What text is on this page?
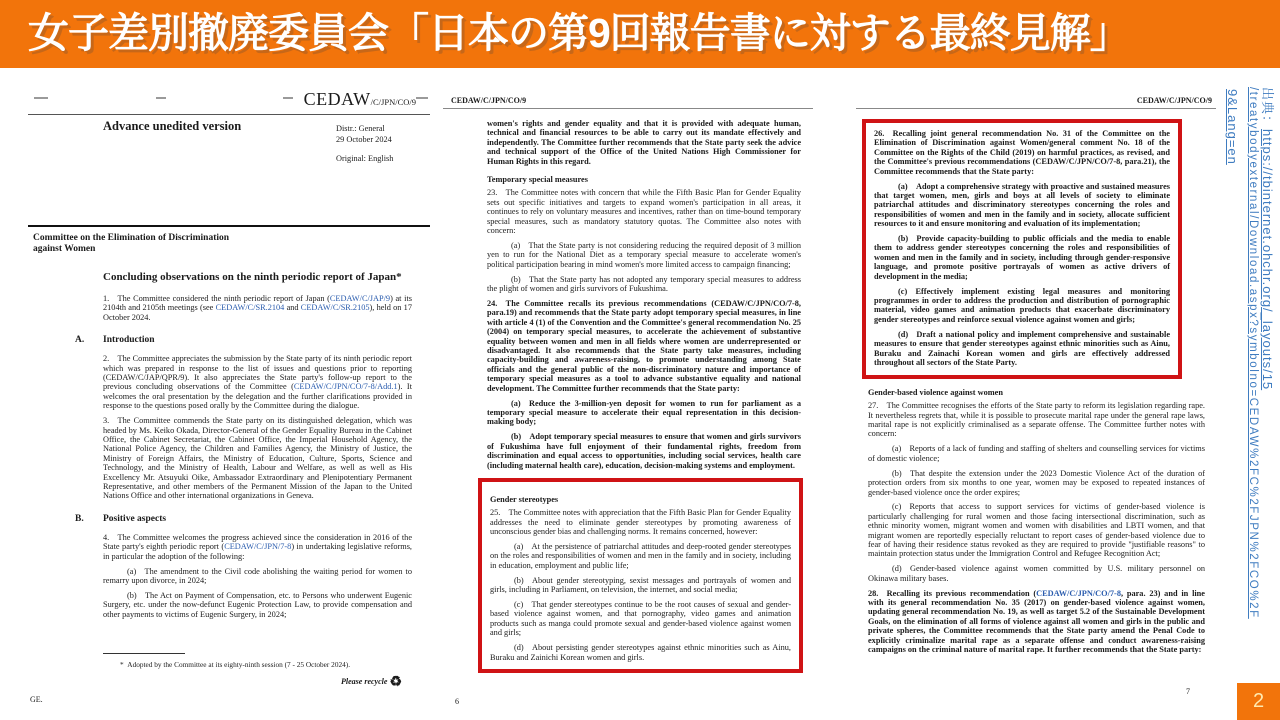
女子差別撤廃委員会「日本の第9回報告書に対する最終見解」
CEDAW/C/JPN/CO/9
Advance unedited version	Distr.: General
29 October 2024
Original: English
Committee on the Elimination of Discrimination against Women
Concluding observations on the ninth periodic report of Japan*
1. The Committee considered the ninth periodic report of Japan (CEDAW/C/JAP/9) at its 2104th and 2105th meetings (see CEDAW/C/SR.2104 and CEDAW/C/SR.2105), held on 17 October 2024.
A.	Introduction
2. The Committee appreciates the submission by the State party of its ninth periodic report which was prepared in response to the list of issues and questions prior to reporting (CEDAW/C/JAP/QPR/9). It also appreciates the State party's follow-up report to the previous concluding observations of the Committee (CEDAW/C/JPN/CO/7-8/Add.1). It welcomes the oral presentation by the delegation and the further clarifications provided in response to the questions posed orally by the Committee during the dialogue.
3. The Committee commends the State party on its distinguished delegation, which was headed by Ms. Keiko Okada, Director-General of the Gender Equality Bureau in the Cabinet Office, the Cabinet Secretariat, the Cabinet Office, the Imperial Household Agency, the National Police Agency, the Children and Families Agency, the Ministry of Justice, the Ministry of Foreign Affairs, the Ministry of Education, Culture, Sports, Science and Technology, and the Ministry of Health, Labour and Welfare, as well as well as His Excellency Mr. Atsuyuki Oike, Ambassador Extraordinary and Plenipotentiary Permanent Representative, and other members of the Permanent Mission of the Japan to the United Nations Office and other international organizations in Geneva.
B.	Positive aspects
4. The Committee welcomes the progress achieved since the consideration in 2016 of the State party's eighth periodic report (CEDAW/C/JPN/7-8) in undertaking legislative reforms, in particular the adoption of the following:
(a) The amendment to the Civil code abolishing the waiting period for women to remarry upon divorce, in 2024;
(b) The Act on Payment of Compensation, etc. to Persons who underwent Eugenic Surgery, etc. under the now-defunct Eugenic Protection Law, to provide compensation and other payments to victims of Eugenic Surgery, in 2024;
* Adopted by the Committee at its eighty-ninth session (7 - 25 October 2024).
Please recycle ♻
GE.
CEDAW/C/JPN/CO/9
women's rights and gender equality and that it is provided with adequate human, technical and financial resources to be able to carry out its mandate effectively and independently. The Committee further recommends that the State party seek the advice and technical support of the Office of the United Nations High Commissioner for Human Rights in this regard.
Temporary special measures
23. The Committee notes with concern that while the Fifth Basic Plan for Gender Equality sets out specific initiatives and targets to expand women's participation in all areas, it continues to rely on voluntary measures and incentives, rather than on time-bound temporary special measures, such as mandatory statutory quotas. The Committee also notes with concern:
(a) That the State party is not considering reducing the required deposit of 3 million yen to run for the National Diet as a temporary special measure to accelerate women's political participation bearing in mind women's more limited access to campaign financing;
(b) That the State party has not adopted any temporary special measures to address the plight of women and girls survivors of Fukushima.
24. The Committee recalls its previous recommendations (CEDAW/C/JPN/CO/7-8, para.19) and recommends that the State party adopt temporary special measures, in line with article 4 (1) of the Convention and the Committee's general recommendation No. 25 (2004) on temporary special measures, to accelerate the achievement of substantive equality between women and men in all fields where women are underrepresented or disadvantaged. It also recommends that the State party take measures, including capacity-building and awareness-raising, to promote understanding among State officials and the general public of the non-discriminatory nature and importance of temporary special measures as a tool to advance substantive equality and national development. The Committee further recommends that the State party:
(a) Reduce the 3-million-yen deposit for women to run for parliament as a temporary special measure to accelerate their equal representation in this decision-making body;
(b) Adopt temporary special measures to ensure that women and girls survivors of Fukushima have full enjoyment of their fundamental rights, freedom from discrimination and equal access to opportunities, including social services, health care (including maternal health care), education, decision-making systems and employment.
Gender stereotypes
25. The Committee notes with appreciation that the Fifth Basic Plan for Gender Equality addresses the need to eliminate gender stereotypes by promoting awareness of unconscious gender bias and challenging norms. It remains concerned, however:
(a) At the persistence of patriarchal attitudes and deep-rooted gender stereotypes on the roles and responsibilities of women and men in the family and in society, including in education, employment and public life;
(b) About gender stereotyping, sexist messages and portrayals of women and girls, including in Parliament, on television, the internet, and social media;
(c) That gender stereotypes continue to be the root causes of sexual and gender-based violence against women, and that pornography, video games and animation products such as manga could promote sexual and gender-based violence against women and girls;
(d) About persisting gender stereotypes against ethnic minorities such as Ainu, Buraku and Zainichi Korean women and girls.
6
CEDAW/C/JPN/CO/9
26. Recalling joint general recommendation No. 31 of the Committee on the Elimination of Discrimination against Women/general comment No. 18 of the Committee on the Rights of the Child (2019) on harmful practices, as revised, and the Committee's previous recommendations (CEDAW/C/JPN/CO/7-8, para.21), the Committee recommends that the State party:
(a) Adopt a comprehensive strategy with proactive and sustained measures that target women, men, girls and boys at all levels of society to eliminate patriarchal attitudes and discriminatory stereotypes concerning the roles and responsibilities of women and men in the family and in society, allocate sufficient resources to it and ensure monitoring and evaluation of its implementation;
(b) Provide capacity-building to public officials and the media to enable them to address gender stereotypes concerning the roles and responsibilities of women and men in the family and in society, including through gender-responsive language, and promote positive portrayals of women as active drivers of development in the media;
(c) Effectively implement existing legal measures and monitoring programmes in order to address the production and distribution of pornographic material, video games and animation products that exacerbate discriminatory gender stereotypes and reinforce sexual violence against women and girls;
(d) Draft a national policy and implement comprehensive and sustainable measures to ensure that gender stereotypes against ethnic minorities such as Ainu, Buraku and Zainachi Korean women and girls are effectively addressed throughout all sectors of the State Party.
Gender-based violence against women
27. The Committee recognises the efforts of the State party to reform its legislation regarding rape. It nevertheless regrets that, while it is possible to prosecute marital rape under the general rape laws, marital rape is not explicitly criminalised as a separate offense. The Committee further notes with concern:
(a) Reports of a lack of funding and staffing of shelters and counselling services for victims of domestic violence;
(b) That despite the extension under the 2023 Domestic Violence Act of the duration of protection orders from six months to one year, women may be exposed to repeated instances of gender-based violence once the order expires;
(c) Reports that access to support services for victims of gender-based violence is particularly challenging for rural women and those facing intersectional discrimination, such as ethnic minority women, migrant women and women with disabilities and LBTI women, and that migrant women are reportedly especially reluctant to report cases of gender-based violence due to fear of having their residence status revoked as they are required to provide "justifiable reasons" to maintain protection status under the Immigration Control and Refugee Recognition Act;
(d) Gender-based violence against women committed by U.S. military personnel on Okinawa military bases.
28. Recalling its previous recommendation (CEDAW/C/JPN/CO/7-8, para. 23) and in line with its general recommendation No. 35 (2017) on gender-based violence against women, updating general recommendation No. 19, as well as target 5.2 of the Sustainable Development Goals, on the elimination of all forms of violence against all women and girls in the public and private spheres, the Committee recommends that the State party amend the Penal Code to explicitly criminalize marital rape as a separate offense and conduct awareness-raising campaigns on the criminal nature of marital rape. It further recommends that the State party:
7
出典：https://tbinternet.ohchr.org/_layouts/15
/treatybodyexternal/Download.aspx?symbolno=CEDAW%2FC%2FJPN%2FCO%2F
9&Lang=en
2
